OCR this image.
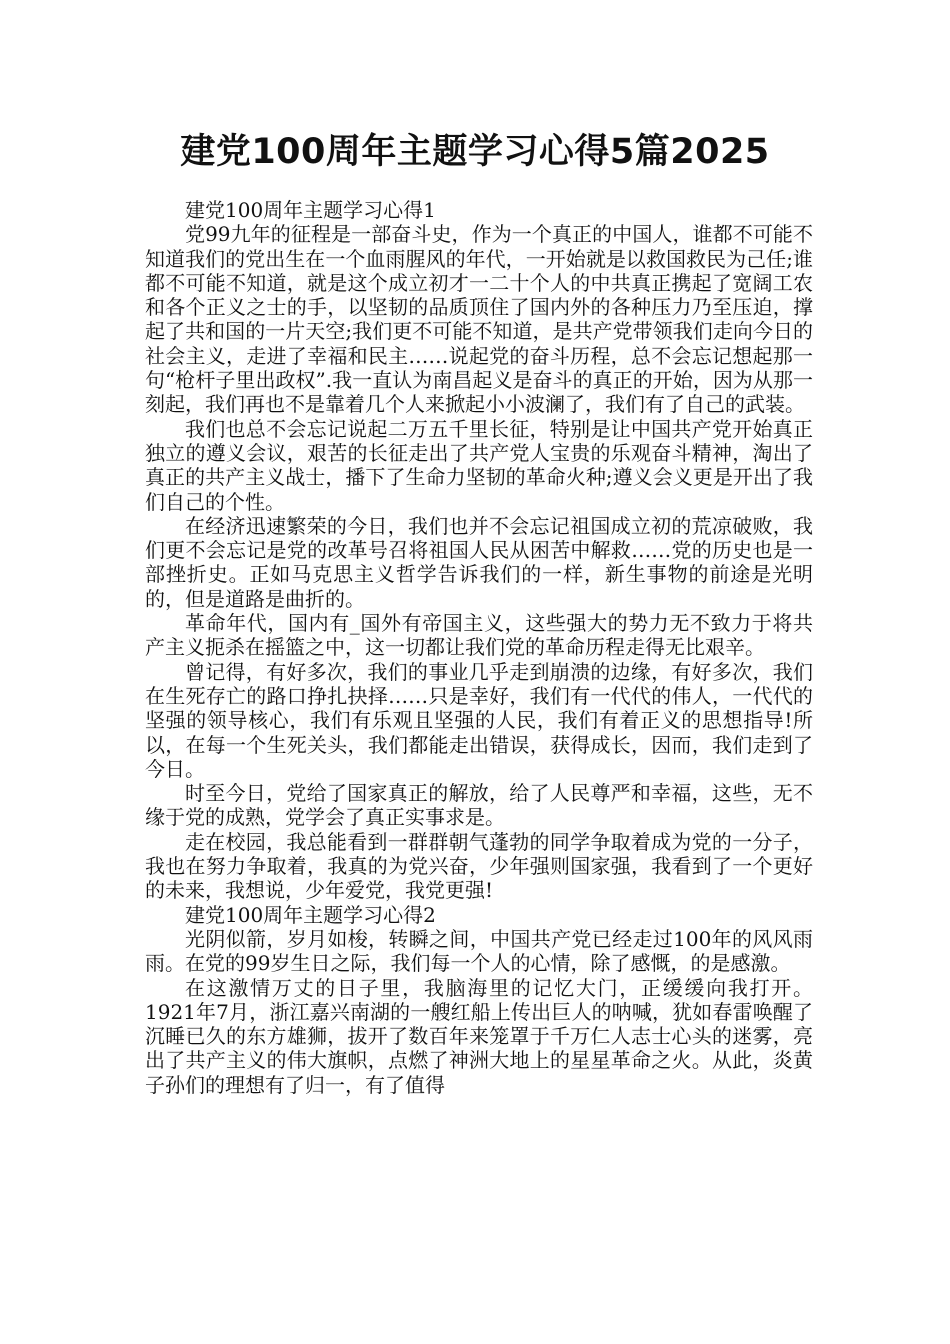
建党100周年主题学习心得5篇2025

建党100周年主题学习心得1

党99九年的征程是一部奋斗史，作为一个真正的中国人，谁都不可能不知道我们的党出生在一个血雨腥风的年代，一开始就是以救国救民为己任;谁都不可能不知道，就是这个成立初才一二十个人的中共真正携起了宽阔工农和各个正义之士的手，以坚韧的品质顶住了国内外的各种压力乃至压迫，撑起了共和国的一片天空;我们更不可能不知道，是共产党带领我们走向今日的社会主义，走进了幸福和民主……说起党的奋斗历程，总不会忘记想起那一句“枪杆子里出政权”.我一直认为南昌起义是奋斗的真正的开始，因为从那一刻起，我们再也不是靠着几个人来掀起小小波澜了，我们有了自己的武装。

我们也总不会忘记说起二万五千里长征，特别是让中国共产党开始真正独立的遵义会议，艰苦的长征走出了共产党人宝贵的乐观奋斗精神，淘出了真正的共产主义战士，播下了生命力坚韧的革命火种;遵义会义更是开出了我们自己的个性。

在经济迅速繁荣的今日，我们也并不会忘记祖国成立初的荒凉破败，我们更不会忘记是党的改革号召将祖国人民从困苦中解救……党的历史也是一部挫折史。正如马克思主义哲学告诉我们的一样，新生事物的前途是光明的，但是道路是曲折的。

革命年代，国内有_国外有帝国主义，这些强大的势力无不致力于将共产主义扼杀在摇篮之中，这一切都让我们党的革命历程走得无比艰辛。

曾记得，有好多次，我们的事业几乎走到崩溃的边缘，有好多次，我们在生死存亡的路口挣扎抉择……只是幸好，我们有一代代的伟人，一代代的坚强的领导核心，我们有乐观且坚强的人民，我们有着正义的思想指导!所以，在每一个生死关头，我们都能走出错误，获得成长，因而，我们走到了今日。

时至今日，党给了国家真正的解放，给了人民尊严和幸福，这些，无不缘于党的成熟，党学会了真正实事求是。

走在校园，我总能看到一群群朝气蓬勃的同学争取着成为党的一分子，我也在努力争取着，我真的为党兴奋，少年强则国家强，我看到了一个更好的未来，我想说，少年爱党，我党更强!

建党100周年主题学习心得2

光阴似箭，岁月如梭，转瞬之间，中国共产党已经走过100年的风风雨雨。在党的99岁生日之际，我们每一个人的心情，除了感慨，的是感激。

在这激情万丈的日子里，我脑海里的记忆大门，正缓缓向我打开。1921年7月，浙江嘉兴南湖的一艘红船上传出巨人的呐喊，犹如春雷唤醒了沉睡已久的东方雄狮，拔开了数百年来笼罩于千万仁人志士心头的迷雾，亮出了共产主义的伟大旗帜，点燃了神洲大地上的星星革命之火。从此，炎黄子孙们的理想有了归一，有了值得
